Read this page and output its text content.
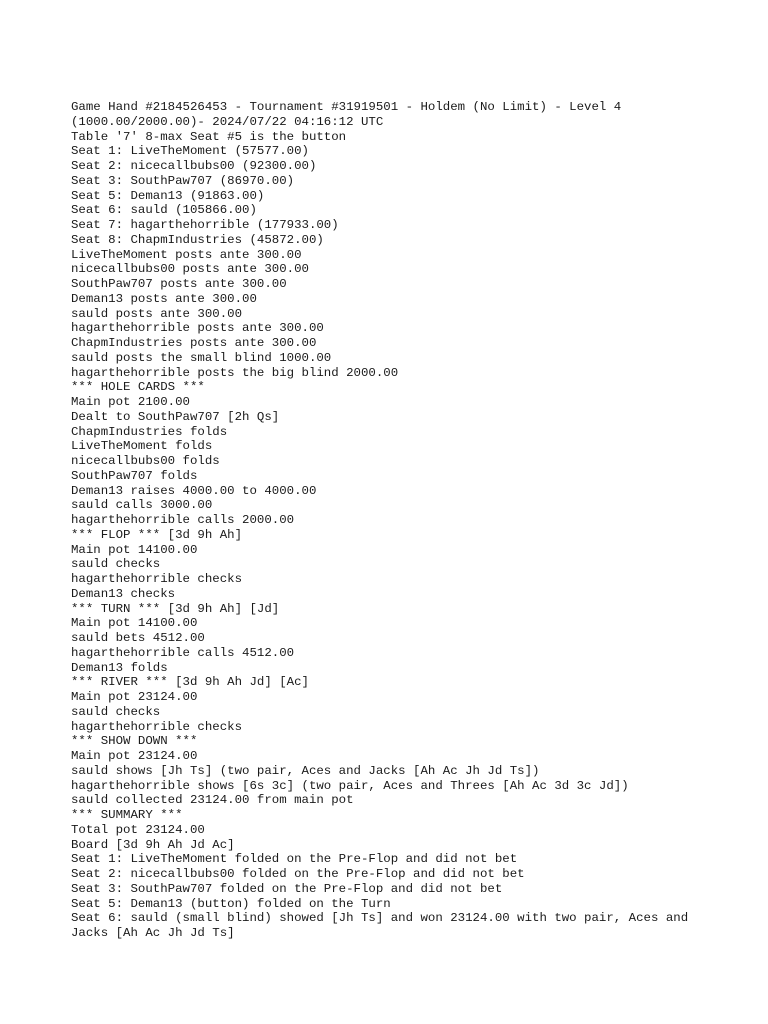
Game Hand #2184526453 - Tournament #31919501 - Holdem (No Limit) - Level 4
(1000.00/2000.00)- 2024/07/22 04:16:12 UTC
Table '7' 8-max Seat #5 is the button
Seat 1: LiveTheMoment (57577.00)
Seat 2: nicecallbubs00 (92300.00)
Seat 3: SouthPaw707 (86970.00)
Seat 5: Deman13 (91863.00)
Seat 6: sauld (105866.00)
Seat 7: hagarthehorrible (177933.00)
Seat 8: ChapmIndustries (45872.00)
LiveTheMoment posts ante 300.00
nicecallbubs00 posts ante 300.00
SouthPaw707 posts ante 300.00
Deman13 posts ante 300.00
sauld posts ante 300.00
hagarthehorrible posts ante 300.00
ChapmIndustries posts ante 300.00
sauld posts the small blind 1000.00
hagarthehorrible posts the big blind 2000.00
*** HOLE CARDS ***
Main pot 2100.00
Dealt to SouthPaw707 [2h Qs]
ChapmIndustries folds
LiveTheMoment folds
nicecallbubs00 folds
SouthPaw707 folds
Deman13 raises 4000.00 to 4000.00
sauld calls 3000.00
hagarthehorrible calls 2000.00
*** FLOP *** [3d 9h Ah]
Main pot 14100.00
sauld checks
hagarthehorrible checks
Deman13 checks
*** TURN *** [3d 9h Ah] [Jd]
Main pot 14100.00
sauld bets 4512.00
hagarthehorrible calls 4512.00
Deman13 folds
*** RIVER *** [3d 9h Ah Jd] [Ac]
Main pot 23124.00
sauld checks
hagarthehorrible checks
*** SHOW DOWN ***
Main pot 23124.00
sauld shows [Jh Ts] (two pair, Aces and Jacks [Ah Ac Jh Jd Ts])
hagarthehorrible shows [6s 3c] (two pair, Aces and Threes [Ah Ac 3d 3c Jd])
sauld collected 23124.00 from main pot
*** SUMMARY ***
Total pot 23124.00
Board [3d 9h Ah Jd Ac]
Seat 1: LiveTheMoment folded on the Pre-Flop and did not bet
Seat 2: nicecallbubs00 folded on the Pre-Flop and did not bet
Seat 3: SouthPaw707 folded on the Pre-Flop and did not bet
Seat 5: Deman13 (button) folded on the Turn
Seat 6: sauld (small blind) showed [Jh Ts] and won 23124.00 with two pair, Aces and
Jacks [Ah Ac Jh Jd Ts]
